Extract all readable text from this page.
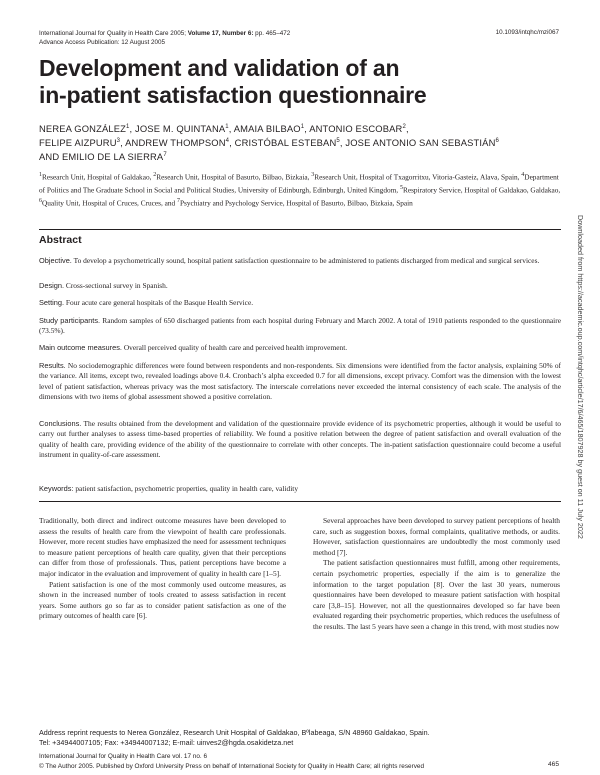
International Journal for Quality in Health Care 2005; Volume 17, Number 6: pp. 465–472
Advance Access Publication: 12 August 2005
10.1093/intqhc/mzi067
Development and validation of an
in-patient satisfaction questionnaire
NEREA GONZÁLEZ$^1$, JOSE M. QUINTANA$^1$, AMAIA BILBAO$^1$, ANTONIO ESCOBAR$^2$,
FELIPE AIZPURU$^3$, ANDREW THOMPSON$^4$, CRISTÓBAL ESTEBAN$^5$, JOSE ANTONIO SAN SEBASTIÁN$^6$
AND EMILIO DE LA SIERRA$^7$
$^1$Research Unit, Hospital of Galdakao, $^2$Research Unit, Hospital of Basurto, Bilbao, Bizkaia, $^3$Research Unit, Hospital of Txagorritxu, Vitoria-Gasteiz, Alava, Spain, $^4$Department of Politics and The Graduate School in Social and Political Studies, University of Edinburgh, Edinburgh, United Kingdom, $^5$Respiratory Service, Hospital of Galdakao, Galdakao, $^6$Quality Unit, Hospital of Cruces, Cruces, and $^7$Psychiatry and Psychology Service, Hospital of Basurto, Bilbao, Bizkaia, Spain
Abstract
Objective. To develop a psychometrically sound, hospital patient satisfaction questionnaire to be administered to patients discharged from medical and surgical services.
Design. Cross-sectional survey in Spanish.
Setting. Four acute care general hospitals of the Basque Health Service.
Study participants. Random samples of 650 discharged patients from each hospital during February and March 2002. A total of 1910 patients responded to the questionnaire (73.5%).
Main outcome measures. Overall perceived quality of health care and perceived health improvement.
Results. No sociodemographic differences were found between respondents and non-respondents. Six dimensions were identified from the factor analysis, explaining 50% of the variance. All items, except two, revealed loadings above 0.4. Cronbach’s alpha exceeded 0.7 for all dimensions, except privacy. Comfort was the dimension with the lowest level of patient satisfaction, whereas privacy was the most satisfactory. The interscale correlations never exceeded the internal consistency of each scale. The analysis of the dimensions with two items of global assessment showed a positive correlation.
Conclusions. The results obtained from the development and validation of the questionnaire provide evidence of its psychometric properties, although it would be useful to carry out further analyses to assess time-based properties of reliability. We found a positive relation between the degree of patient satisfaction and overall evaluation of the quality of health care, providing evidence of the ability of the questionnaire to correlate with other concepts. The in-patient satisfaction questionnaire could become a useful instrument in quality-of-care assessment.
Keywords: patient satisfaction, psychometric properties, quality in health care, validity

Traditionally, both direct and indirect outcome measures have been developed to assess the results of health care from the viewpoint of health care professionals. However, more recent studies have emphasized the need for assessment techniques to measure patient perceptions of health care quality, given that their perceptions can differ from those of professionals. Thus, patient perceptions have become a major indicator in the evaluation and improvement of quality in health care [1–5].

Patient satisfaction is one of the most commonly used outcome measures, as shown in the increased number of tools created to assess satisfaction in recent years. Some authors go so far as to consider patient satisfaction as one of the primary outcomes of health care [6].

Several approaches have been developed to survey patient perceptions of health care, such as suggestion boxes, formal complaints, qualitative methods, or audits. However, satisfaction questionnaires are undoubtedly the most commonly used method [7].

The patient satisfaction questionnaires must fulfill, among other requirements, certain psychometric properties, especially if the aim is to generalize the information to the target population [8]. Over the last 30 years, numerous questionnaires have been developed to measure patient satisfaction with hospital care [3,8–15]. However, not all the questionnaires developed so far have been evaluated regarding their psychometric properties, which reduces the usefulness of the results. The last 5 years have seen a change in this trend, with most studies now

Downloaded from https://academic.oup.com/intqhc/article/17/6/465/1807928 by guest on 11 July 2022
Address reprint requests to Nerea González, Research Unit Hospital of Galdakao, Bºlabeaga, S/N 48960 Galdakao, Spain.
Tel: +34944007105; Fax: +34944007132; E-mail: uinves2@hgda.osakidetza.net
International Journal for Quality in Health Care vol. 17 no. 6
© The Author 2005. Published by Oxford University Press on behalf of International Society for Quality in Health Care; all rights reserved	465
